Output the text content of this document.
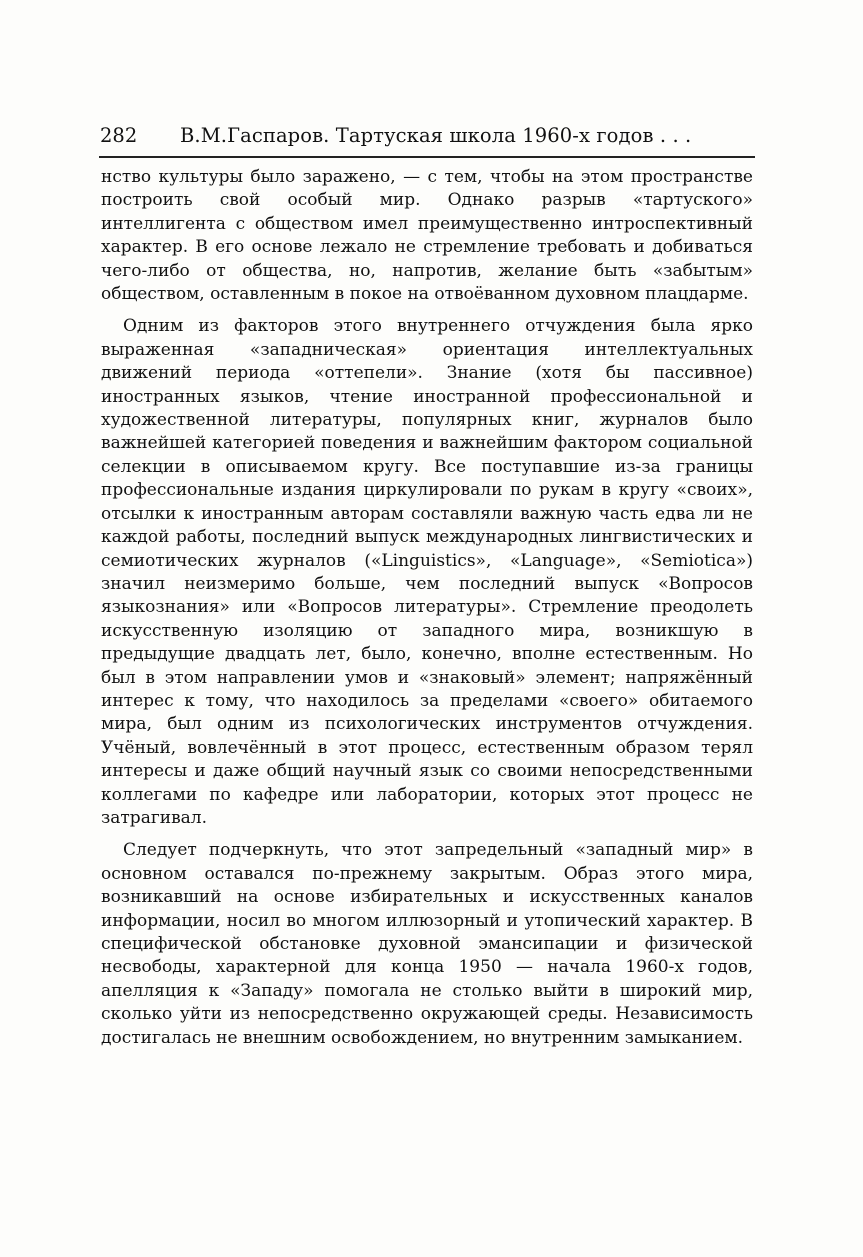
282 В.М.Гаспаров. Тартуская школа 1960-х годов . . .

нство культуры было заражено, — с тем, чтобы на этом пространстве построить свой особый мир. Однако разрыв «тартуского» интеллигента с обществом имел преимущественно интроспективный характер. В его основе лежало не стремление требовать и добиваться чего-либо от общества, но, напротив, желание быть «забытым» обществом, оставленным в покое на отвоёванном духовном плацдарме.

Одним из факторов этого внутреннего отчуждения была ярко выраженная «западническая» ориентация интеллектуальных движений периода «оттепели». Знание (хотя бы пассивное) иностранных языков, чтение иностранной профессиональной и художественной литературы, популярных книг, журналов было важнейшей категорией поведения и важнейшим фактором социальной селекции в описываемом кругу. Все поступавшие из-за границы профессиональные издания циркулировали по рукам в кругу «своих», отсылки к иностранным авторам составляли важную часть едва ли не каждой работы, последний выпуск международных лингвистических и семиотических журналов («Linguistics», «Language», «Semiotica») значил неизмеримо больше, чем последний выпуск «Вопросов языкознания» или «Вопросов литературы». Стремление преодолеть искусственную изоляцию от западного мира, возникшую в предыдущие двадцать лет, было, конечно, вполне естественным. Но был в этом направлении умов и «знаковый» элемент; напряжённый интерес к тому, что находилось за пределами «своего» обитаемого мира, был одним из психологических инструментов отчуждения. Учёный, вовлечённый в этот процесс, естественным образом терял интересы и даже общий научный язык со своими непосредственными коллегами по кафедре или лаборатории, которых этот процесс не затрагивал.

Следует подчеркнуть, что этот запредельный «западный мир» в основном оставался по-прежнему закрытым. Образ этого мира, возникавший на основе избирательных и искусственных каналов информации, носил во многом иллюзорный и утопический характер. В специфической обстановке духовной эмансипации и физической несвободы, характерной для конца 1950 — начала 1960-х годов, апелляция к «Западу» помогала не столько выйти в широкий мир, сколько уйти из непосредственно окружающей среды. Независимость достигалась не внешним освобождением, но внутренним замыканием.
